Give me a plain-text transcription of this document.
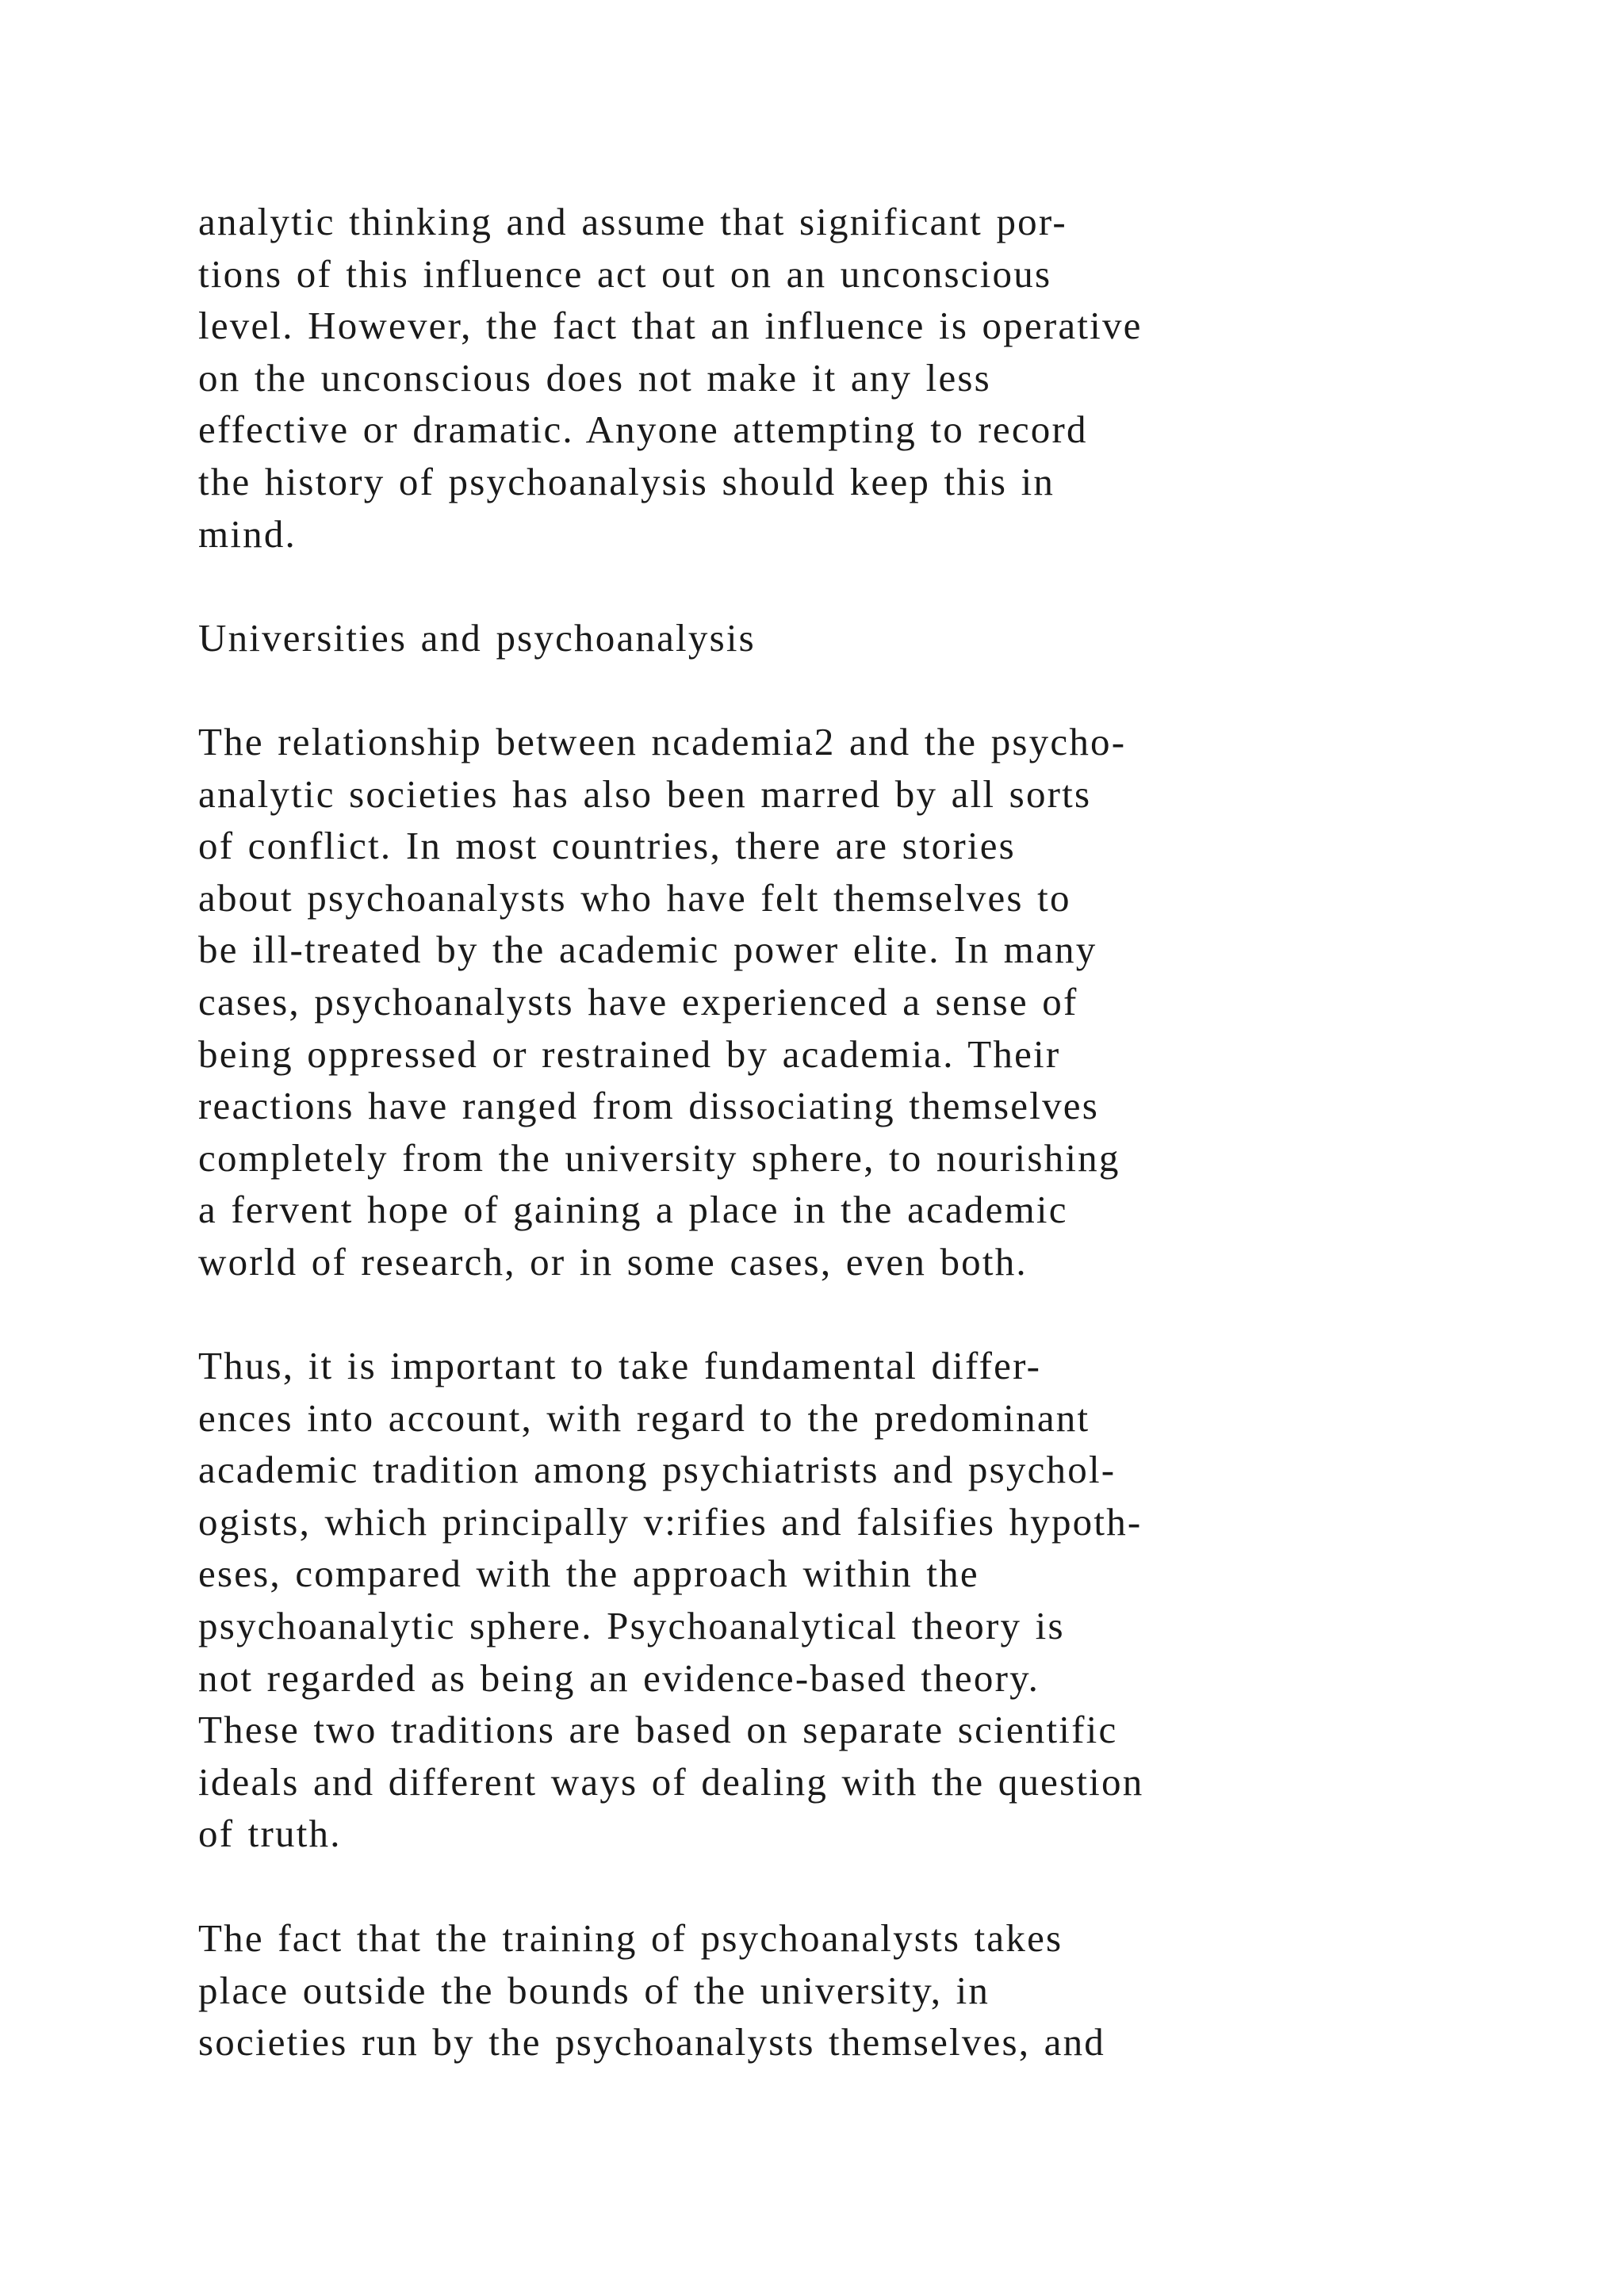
analytic thinking and assume that significant por-
tions of this influence act out on an unconscious
level. However, the fact that an influence is operative
on the unconscious does not make it any less
effective or dramatic. Anyone attempting to record
the history of psychoanalysis should keep this in
mind.
Universities and psychoanalysis
The relationship between ncademia2 and the psycho-
analytic societies has also been marred by all sorts
of conflict. In most countries, there are stories
about psychoanalysts who have felt themselves to
be ill-treated by the academic power elite. In many
cases, psychoanalysts have experienced a sense of
being oppressed or restrained by academia. Their
reactions have ranged from dissociating themselves
completely from the university sphere, to nourishing
a fervent hope of gaining a place in the academic
world of research, or in some cases, even both.
Thus, it is important to take fundamental differ-
ences into account, with regard to the predominant
academic tradition among psychiatrists and psychol-
ogists, which principally v:rifies and falsifies hypoth-
eses, compared with the approach within the
psychoanalytic sphere. Psychoanalytical theory is
not regarded as being an evidence-based theory.
These two traditions are based on separate scientific
ideals and different ways of dealing with the question
of truth.
The fact that the training of psychoanalysts takes
place outside the bounds of the university, in
societies run by the psychoanalysts themselves, and
